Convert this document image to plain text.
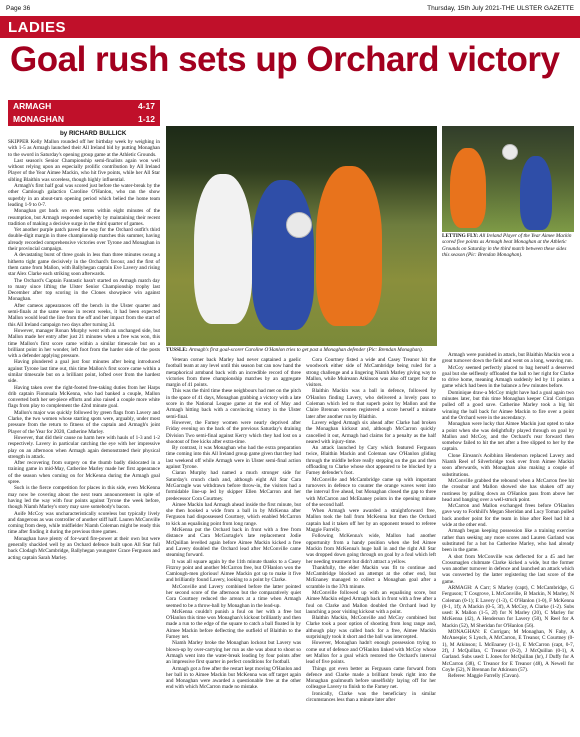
Page 36	Thursday, 15th July 2021-THE ULSTER GAZETTE
LADIES
Goal rush sets up Orchard victory
ARMAGH	4-17
MONAGHAN	1-12
by RICHARD BULLICK

SKIPPER Kelly Mallon rounded off her birthday week by weighing in with 1-5 as Armagh launched their All Ireland bid by putting Monaghan to the sword in Saturday's opening group game at the Athletic Grounds.

Last season's Senior Championship semi-finalists again won well without relying upon an especially prolific contribution by All Ireland Player of the Year Aimee Mackin, who hit five points, while her All Star sibling Blaithin was scoreless, though highly influential.

Armagh's first half goal was scored just before the water-break by the other Camlough galactico Caroline O'Hanlon, who ran the show superbly in an about-turn opening period which belied the home team leading 1-9 to 0-7.

Monaghan got back on even terms within eight minutes of the resumption, but Armagh responded superbly by maintaining their recent tradition of making a decisive surge in the third quarter of games.

Yet another purple patch paved the way for the Orchard outfit's third double-digit margin in three championship matches this summer, having already recorded comprehensive victories over Tyrone and Monaghan in their provincial campaign.

A devastating burst of three goals in less than three minutes swung a hitherto tight game decisively in the Orchard's favour, and the first of them came from Mallon, with Ballyhegan captain Eve Lavery and rising star Alex Clarke each striking soon afterwards.

The Orchard's Captain Fantastic hasn't started on Armagh match day to many since lifting the Ulster Senior Championship trophy last December after top scoring in the Clones showpiece win against Monaghan.

After cameos appearances off the bench in the Ulster quarter and semi-finals at the same venue in recent weeks, it had been expected Mallon would lead the line from the off and her impact from the start of this All Ireland campaign two days after turning 24.

However, manager Ronan Murphy went with an unchanged side, but Mallon made her entry after just 21 minutes when a free was won, this time Mallon's first score came within a similar timescale but on a brilliant point in her wonder, left foot from the harder side of the posts with a defender applying pressure.

Having plundered a goal just four minutes after being introduced against Tyrone last time out, this time Mallon's first score came within a similar timescale but on a brilliant point, lofted over from the hardest side.

Having taken over the right-footed free-taking duties from her Harps drib captain Fionnuala McKenna, who had banked a couple, Mallon converted both her set-piece efforts and also raised a couple more white flags from play to complement the 42nd minute goal.

Mallon's major was quickly followed by green flags from Lavery and Clarke, the two women whose starting spots were, arguably, under most pressure from the return to fitness of the captain and Armagh's joint Player of the Year for 2020, Catherine Marley.

However, that did their cause no harm here with hauls of 1-3 and 1-2 respectively. Lavery in particular catching the eye with her impressive play on an afternoon when Armagh again demonstrated their physical strength in attack.

After recovering from surgery on the thumb badly dislocated in a training game in mid-May, Catherine Marley made her first appearance of the season when coming on for McKenna during the Armagh goal spree.

Such is the fierce competition for places in this side, even McKenna may now be covering about the next team announcement in spite of having led the way with four points against Tyrone the week before, though Niamh Marley's story may save somebody's bacon.

Aoife McCoy was uncharacteristically scoreless but typically lively and dangerous as was controller of another stiff half. Lauren McConville coming from deep, while midfielder Niamh Coleman might be ready this time after finding it during the previous three games.

Monaghan have plenty of for-ward fire-power at their own but were generally shackled well by an Orchard defence built upon All Star full back Clodagh McCambridge, Ballyhegan youngster Grace Ferguson and acting captain Sarah Marley.

TUSSLE: Armagh's first goal-scorer Caroline O'Hanlon tries to get past a Monaghan defender (Pic: Brendan Monaghan).
LETTING FLY: All Ireland Player of the Year Aimee Mackin scored five points as Armagh beat Monaghan at the Athletic Grounds on Saturday in the third match between these sides this season (Pic: Brendan Monaghan).

Veteran corner back Marley had never captained a gaelic football team at any level until this season but can now hand the metaphorical armband back with an incredible record of three victories from three championship matches by an aggregate margin of 41 points.

This was the third time these neighbours had met on the pitch in the space of 41 days, Monaghan grabbing a victory with a late score in the National League game at the end of May and Armagh hitting back with a convincing victory in the Ulster semi-final.

However, the Farney women were nearly deprived after Friday evening on the back of the previous Saturday's draining Division Two semi-final against Kerry which they had lost on a shootout of free kicks after extra-time.

By contrast, it was Monaghan who had the extra preparation time coming into this All Ireland group game given that they had last weekend off while Armagh were in Ulster semi-final action against Tyrone.

Ciaran Murphy had named a much stronger side for Saturday's crunch clash and, although eight All Star Cara McGarragle was withdrawn before throw-in, the visitors had a formidable line-up led by skipper Ellen McCarron and her predecessor Cora Courtney.

Aimee Mackin had Armagh ahead inside the first minute, but she then hooked a wide from a ball in by McKenna after Ferguson had dispossessed Courtney, which enabled McCarron to kick an equalising point from long range.

McKenna put the Orchard back in front with a free from distance and Cara McGarragle's late replacement Jodie McQuillan levelled again before Aimee Mackin kicked a free and Lavery doubled the Orchard lead after McConville came steaming forward.

It was all square again by the 11th minute thanks to a Casey Fitzroy point and another McCarron free, but O'Hanlon won the Camlough-men glorious! Aimee Mackin got up to make it five and brilliantly found Lavery, looking to a point by Clarke.

McConville and Lavery combined before the latter pointed her second score of the afternoon but the comparatively quiet Cora Courtney reduced the arrears at a time when Armagh seemed to be a throw-ball by Monaghan in the lead-up.

McKenna couldn't punish a foul on her with a free but O'Hanlon this time won Monaghan's kickout brilliantly and then made a run to the edge of the square to catch a ball floated in by Aimee Mackin before deflecting the outfield of Blaithin to the Farney net.

Niamh Marley broke the Monaghan lockout but Lavery was blown-up by over-carrying her run as she was about to shoot so Armagh went into the water-break leading by four points after an impressive first quarter in perfect conditions for football.

Armagh got a free after the restart kept moving O'Hanlon and her ball in to Aimee Mackin but McKenna was off target again and Monaghan were awarded a questionable free at the other end with which McCarron made no mistake.

Cora Courtney fisted a wide and Casey Treanor hit the woodwork either side of McCambridge being ruled for a strong challenge and a lingering Niamh Marley giving way to Mallon, while Muireann Atkinson was also off target for the visitors.

Blaithin Mackin was a ball in defence, followed by O'Hanlon finding Lavery, who delivered a lovely pass to Coleman which led to that superb point by Mallon and the Claire Brennan women registered a score herself a minute later after another run by Blaithin.

Lavery edged Armagh six ahead after Clarke had broken the Monaghan kickout and, although McCarron quickly cancelled it out, Armagh had claims for a penalty as the half neared with injury-time.

An attack launched by Cary which featured Ferguson twice, Blaithin Mackin and Coleman saw O'Hanlon gliding through the middle before really stepping on the gas and then offloading to Clarke whose shot appeared to be blocked by a Farney defender's foot.

McConville and McCambridge came up with important turnovers in defence to counter the orange waves went into the interval five ahead, but Monaghan closed the gap to three with McCarron and McEnaney points in the opening minute of the second half.

When Armagh were awarded a straightforward free, Mallon took the ball from McKenna but then the Orchard captain had it taken off her by an opponent tensed to referee Maggie Farrelly.

Following McKenna's wide, Mallon had another opportunity from a handy position when she fed Aimee Mackin from McKenna's huge ball in and the right All Star was dropped down going through on goal by a foul which left her needing treatment but didn't attract a yellow.

Thankfully, the elder Mackin was fit to continue and McCambridge blocked an attempt at the other end, but McEnaney managed to collect a Monaghan goal after a scramble in the 37th minute.

McConville followed up with an equalising score, but Aimee Mackin edged Armagh back in front with a free after a foul on Clarke and Mallon doubled the Orchard lead by launching a poor visiting kickout with a point.

Blaithin Mackin, McConville and McCoy combined but Clarke took a poor option of shooting from long range and, although play was called back for a free, Aimee Mackin surprisingly took it short and the ball was intercepted.

However, Monaghan hadn't enough possession trying to come out of defence and O'Hanlon linked with McCoy whose set Mallon for a goal which restored the Orchard's interval lead of five points.

Things got even better as Ferguson came forward from defence and Clarke made a brilliant break right into the Monaghan goalmouth before unselfishly laying off for her colleague Lavery to finish to the Farney net.

Ironically, Clarke was the beneficiary in similar circumstances less than a minute later after

Armagh were punished in attack, but Blaithin Mackin won a great turnover down the field and went on a long, weaving run.

McCoy seemed perfectly placed to bag herself a deserved goal but she selflessly offloaded the ball to her right for Clarke to drive home, meaning Armagh suddenly led by 11 points a game which had been in the balance a few minutes before.

Dominique draw-a McCoy might have had a goal again two minutes later, but this time Monaghan keeper Ciral Corrigan pulled off a good save. Catherine Marley took a big hit winning the ball back for Aimee Mackin to fire over a point and the Orchard were in the ascendancy.

Monaghan were lucky that Aimee Mackin just opted to take a point when she was delightfully played through on goal by Mallon and McCoy, and the Orchard's rear forward then somehow failed to hit the net after a free slipped to her by the captain.

Clone Eireann's Aoibhinn Henderson replaced Lavery and Niamh Reel of Silverbridge took over from Aimee Mackin soon afterwards, with Monaghan also making a couple of substitutions.

McConville grabbed the rebound when a McCarron free hit the crossbar and Mallon showed she has shaken off any rustiness by pulling down an O'Hanlon pass from above her head and banging over a well-struck point.

McCarron and Mallon exchanged frees before O'Hanlon gave way to Forkhill's Megan Sheridan and Lucy Toman pulled back another point for the team in blue after Reel had hit a wide at the other end.

Armagh began keeping possession like a training exercise rather than seeking any more scores and Lauren Garland was substituted for a hot ho Catherine Marley, who had already been in the game.

A shot from McConville was deflected for a 45 and her Crossmaglen clubmate Clarke kicked a wide, but the former won another turnover in defence and launched an attack which was converted by the latter registering the last score of the game.

ARMAGH: A Carr; S Marley (capt), C McCambridge, G Ferguson; T Cosgrove, L McConville, B Mackin, N Marley, N Coleman (0-1); E Lavery (1-3), C O'Hanlon (1-0), F McKenna (0-1, 1f); A Mackin (0-5, 3f), A McCoy, A Clarke (1-2). Subs used: K Mallon (1-5, 2f) for N Marley (20), C Marley for McKenna (42), A Henderson for Lavery (50), N Reel for A Mackin (52), M Sheridan for O'Hanlon (56).

MONAGHAN: E Corrigan; M Monaghan, N Fahy, A McAnespie; S Lynch, A McCarron, E Treanor, C Courtney (0-1), M Atkinson; L McEnaney (1-1), E McCarron (capt, 0-7, 2f), J McQuillan, C Treanor (0-2), J McQuillan (0-1), A Garland. Subs used: L Jones for McQuillan (hr), J Duffy for A McCarron (38), C Treanor for E Treanor (48), A Newell for Coyle (52), N Brennan for Atkinson (57).

Referee: Maggie Farrelly (Cavan).
